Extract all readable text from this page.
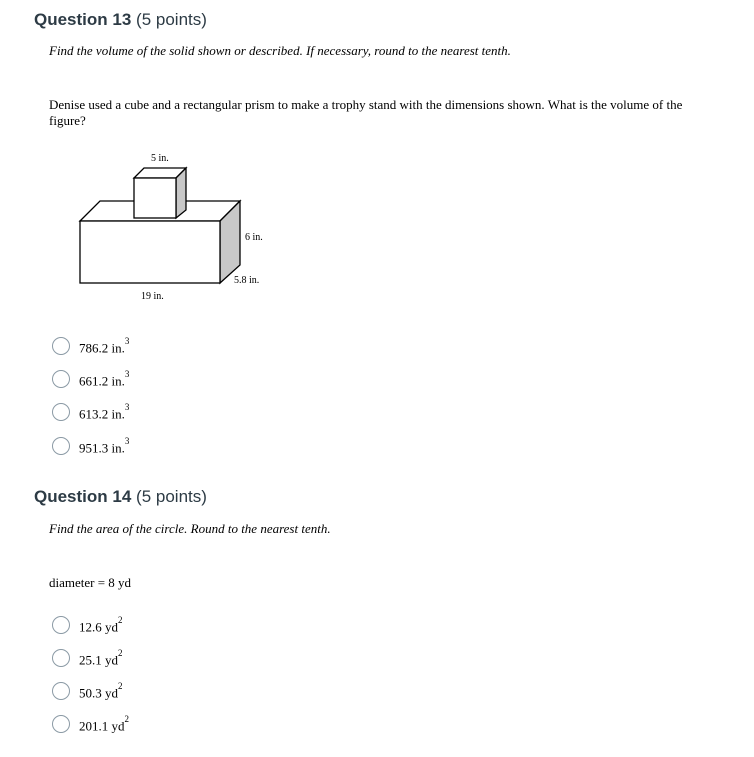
Question 13 (5 points)
Find the volume of the solid shown or described. If necessary, round to the nearest tenth.
Denise used a cube and a rectangular prism to make a trophy stand with the dimensions shown. What is the volume of the figure?
5 in.
6 in.
5.8 in.
19 in.
786.2 in.$^3$
661.2 in.$^3$
613.2 in.$^3$
951.3 in.$^3$
Question 14 (5 points)
Find the area of the circle. Round to the nearest tenth.
diameter = 8 yd
12.6 $yd^2$
25.1 $yd^2$
50.3 $yd^2$
201.1 $yd^2$
